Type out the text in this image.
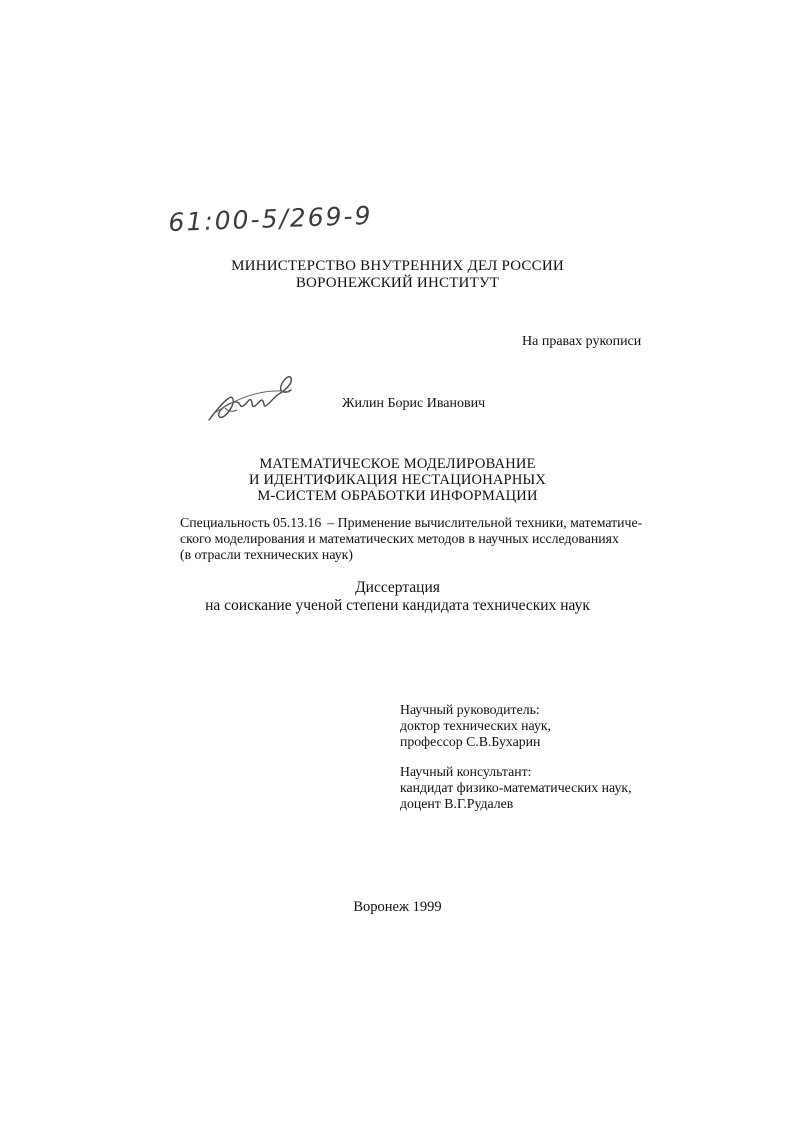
61:00-5/269-9
МИНИСТЕРСТВО ВНУТРЕННИХ ДЕЛ РОССИИ
ВОРОНЕЖСКИЙ ИНСТИТУТ
На правах рукописи
Жилин Борис Иванович
МАТЕМАТИЧЕСКОЕ МОДЕЛИРОВАНИЕ
И ИДЕНТИФИКАЦИЯ НЕСТАЦИОНАРНЫХ
М-СИСТЕМ ОБРАБОТКИ ИНФОРМАЦИИ
Специальность 05.13.16 – Применение вычислительной техники, математиче-
ского моделирования и математических методов в научных исследованиях
(в отрасли технических наук)
Диссертация
на соискание ученой степени кандидата технических наук
Научный руководитель:
доктор технических наук,
профессор С.В.Бухарин
Научный консультант:
кандидат физико-математических наук,
доцент В.Г.Рудалев
Воронеж 1999
